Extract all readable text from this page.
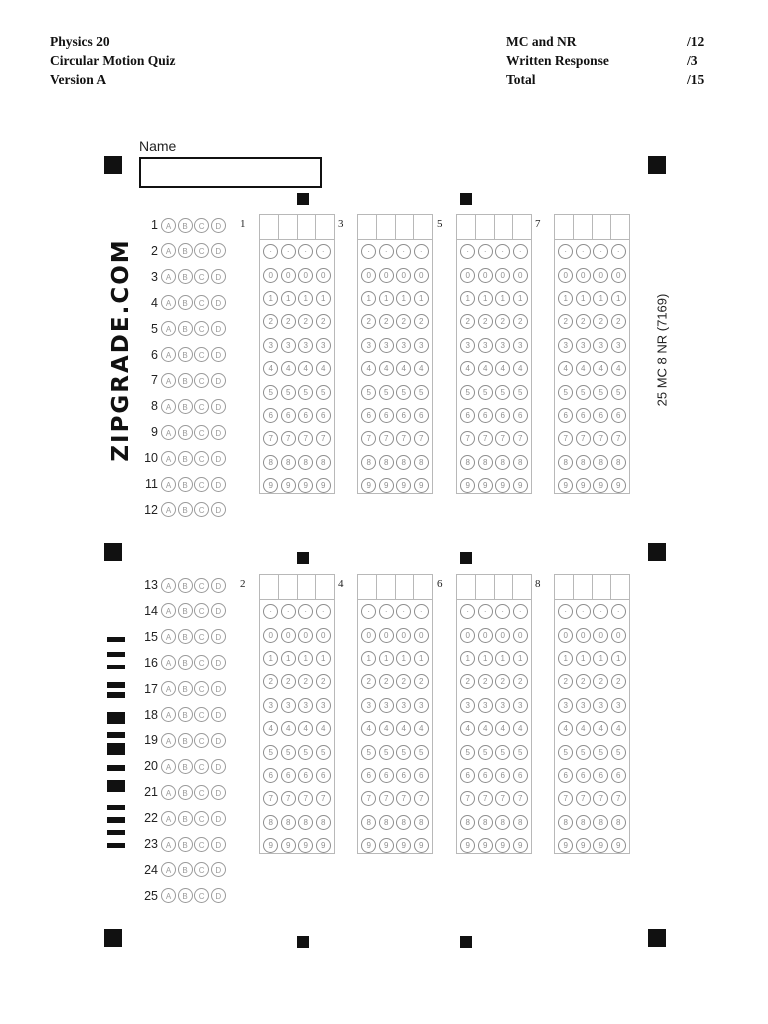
Physics 20
Circular Motion Quiz
Version A
MC and NR
Written Response
Total
/12
/3
/15
Name
ZIPGRADE.COM	25 MC 8 NR (7169)
1 A	B	C	D
2 A	B	C	D
3 A	B	C	D
4 A	B	C	D
5 A	B	C	D
6 A	B	C	D
7 A	B	C	D
8 A	B	C	D
9 A	B	C	D
10 A	B	C	D
11 A	B	C	D
12 A	B	C	D
13 A	B	C	D
14 A	B	C	D
15 A	B	C	D
16 A	B	C	D
17 A	B	C	D
18 A	B	C	D
19 A	B	C	D
20 A	B	C	D
21 A	B	C	D
22 A	B	C	D
23 A	B	C	D
24 A	B	C	D
25 A	B	C	D
1
·	·	·	·
0	0	0	0
1	1	1	1
2	2	2	2
3	3	3	3
4	4	4	4
5	5	5	5
6	6	6	6
7	7	7	7
8	8	8	8
9	9	9	9
3
·	·	·	·
0	0	0	0
1	1	1	1
2	2	2	2
3	3	3	3
4	4	4	4
5	5	5	5
6	6	6	6
7	7	7	7
8	8	8	8
9	9	9	9
5
·	·	·	·
0	0	0	0
1	1	1	1
2	2	2	2
3	3	3	3
4	4	4	4
5	5	5	5
6	6	6	6
7	7	7	7
8	8	8	8
9	9	9	9
7
·	·	·	·
0	0	0	0
1	1	1	1
2	2	2	2
3	3	3	3
4	4	4	4
5	5	5	5
6	6	6	6
7	7	7	7
8	8	8	8
9	9	9	9
2
·	·	·	·
0	0	0	0
1	1	1	1
2	2	2	2
3	3	3	3
4	4	4	4
5	5	5	5
6	6	6	6
7	7	7	7
8	8	8	8
9	9	9	9
4
·	·	·	·
0	0	0	0
1	1	1	1
2	2	2	2
3	3	3	3
4	4	4	4
5	5	5	5
6	6	6	6
7	7	7	7
8	8	8	8
9	9	9	9
6
·	·	·	·
0	0	0	0
1	1	1	1
2	2	2	2
3	3	3	3
4	4	4	4
5	5	5	5
6	6	6	6
7	7	7	7
8	8	8	8
9	9	9	9
8
·	·	·	·
0	0	0	0
1	1	1	1
2	2	2	2
3	3	3	3
4	4	4	4
5	5	5	5
6	6	6	6
7	7	7	7
8	8	8	8
9	9	9	9
